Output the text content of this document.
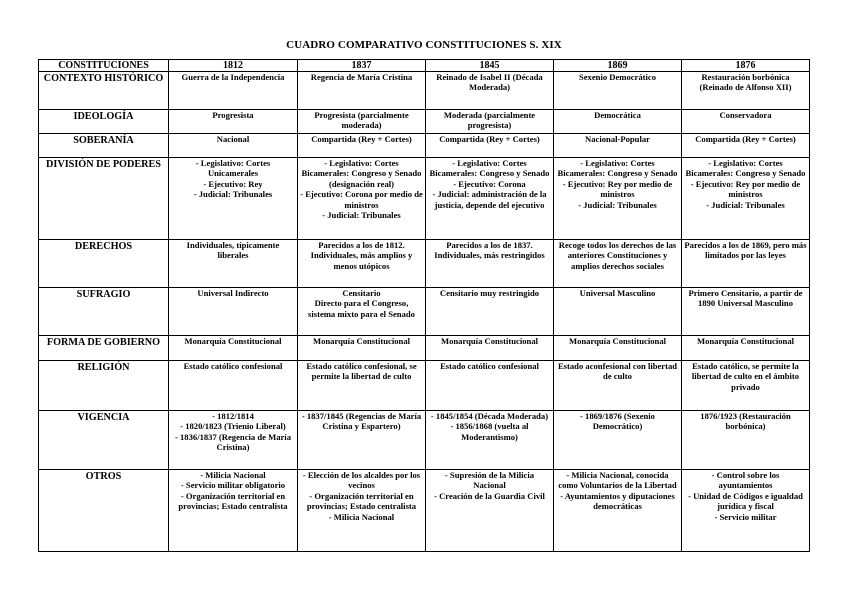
CUADRO COMPARATIVO CONSTITUCIONES S. XIX
CONSTITUCIONES	1812	1837	1845	1869	1876
CONTEXTO HISTÓRICO	Guerra de la Independencia	Regencia de María Cristina	Reinado de Isabel II (Década Moderada)	Sexenio Democrático	Restauración borbónica (Reinado de Alfonso XII)
IDEOLOGÍA	Progresista	Progresista (parcialmente moderada)	Moderada (parcialmente progresista)	Democrática	Conservadora
SOBERANÍA	Nacional	Compartida (Rey + Cortes)	Compartida (Rey + Cortes)	Nacional-Popular	Compartida (Rey + Cortes)
DIVISIÓN DE PODERES	- Legislativo: Cortes Unicamerales
- Ejecutivo: Rey
- Judicial: Tribunales	- Legislativo: Cortes Bicamerales: Congreso y Senado (designación real)
- Ejecutivo: Corona por medio de ministros
- Judicial: Tribunales	- Legislativo: Cortes Bicamerales: Congreso y Senado
- Ejecutivo: Corona
- Judicial: administración de la justicia, depende del ejecutivo	- Legislativo: Cortes Bicamerales: Congreso y Senado
- Ejecutivo: Rey por medio de ministros
- Judicial: Tribunales	- Legislativo: Cortes Bicamerales: Congreso y Senado
- Ejecutivo: Rey por medio de ministros
- Judicial: Tribunales
DERECHOS	Individuales, típicamente liberales	Parecidos a los de 1812. Individuales, más amplios y menos utópicos	Parecidos a los de 1837. Individuales, más restringidos	Recoge todos los derechos de las anteriores Constituciones y amplios derechos sociales	Parecidos a los de 1869, pero más limitados por las leyes
SUFRAGIO	Universal Indirecto	Censitario
Directo para el Congreso, sistema mixto para el Senado	Censitario muy restringido	Universal Masculino	Primero Censitario, a partir de 1890 Universal Masculino
FORMA DE GOBIERNO	Monarquía Constitucional	Monarquía Constitucional	Monarquía Constitucional	Monarquía Constitucional	Monarquía Constitucional
RELIGIÓN	Estado católico confesional	Estado católico confesional, se permite la libertad de culto	Estado católico confesional	Estado aconfesional con libertad de culto	Estado católico, se permite la libertad de culto en el ámbito privado
VIGENCIA	- 1812/1814
- 1820/1823 (Trienio Liberal)
- 1836/1837 (Regencia de María Cristina)	- 1837/1845 (Regencias de María Cristina y Espartero)	- 1845/1854 (Década Moderada)
- 1856/1868 (vuelta al Moderantismo)	- 1869/1876 (Sexenio Democrático)	1876/1923 (Restauración borbónica)
OTROS	- Milicia Nacional
- Servicio militar obligatorio
- Organización territorial en provincias; Estado centralista	- Elección de los alcaldes por los vecinos
- Organización territorial en provincias; Estado centralista
- Milicia Nacional	- Supresión de la Milicia Nacional
- Creación de la Guardia Civil	- Milicia Nacional, conocida como Voluntarios de la Libertad
- Ayuntamientos y diputaciones democráticas	- Control sobre los ayuntamientos
- Unidad de Códigos e igualdad jurídica y fiscal
- Servicio militar
